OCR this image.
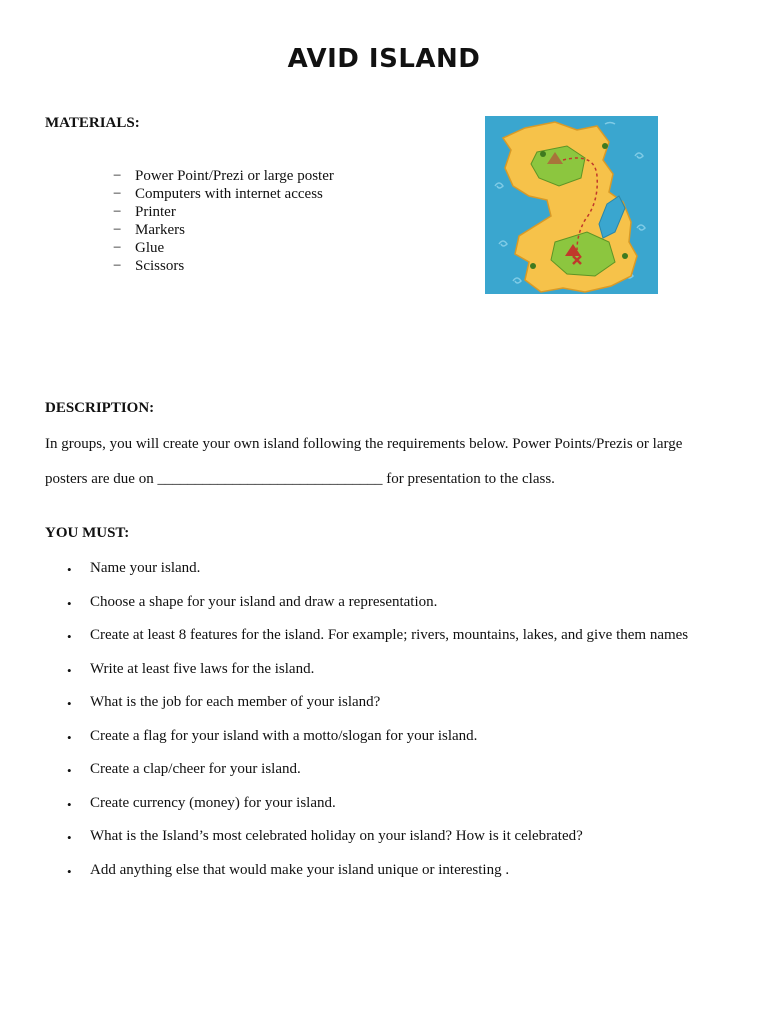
AVID ISLAND
MATERIALS:
− Power Point/Prezi or large poster
− Computers with internet access
− Printer
− Markers
− Glue
− Scissors
DESCRIPTION:
In groups, you will create your own island following the requirements below. Power Points/Prezis or large
posters are due on ______________________________ for presentation to the class.
YOU MUST:
•	Name your island.
•	Choose a shape for your island and draw a representation.
•	Create at least 8 features for the island. For example; rivers, mountains, lakes, and give them names
•	Write at least five laws for the island.
•	What is the job for each member of your island?
•	Create a flag for your island with a motto/slogan for your island.
•	Create a clap/cheer for your island.
•	Create currency (money) for your island.
•	What is the Island’s most celebrated holiday on your island? How is it celebrated?
•	Add anything else that would make your island unique or interesting .
